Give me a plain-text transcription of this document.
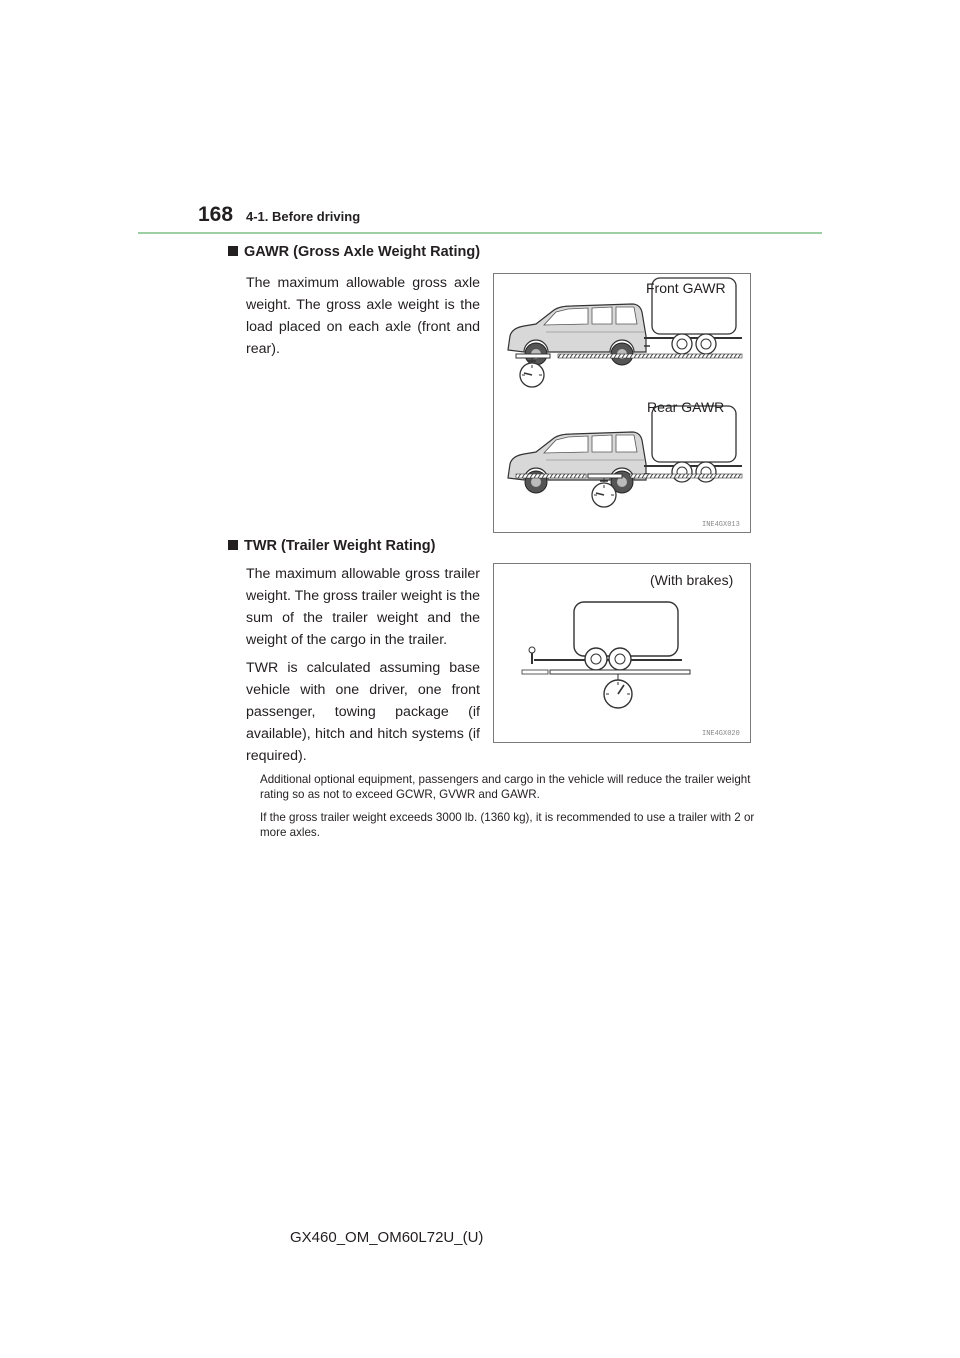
168 4-1. Before driving
GAWR (Gross Axle Weight Rating)
The maximum allowable gross axle weight. The gross axle weight is the load placed on each axle (front and rear).
Front GAWR
Rear GAWR
INE4GX013
TWR (Trailer Weight Rating)
The maximum allowable gross trailer weight. The gross trailer weight is the sum of the trailer weight and the weight of the cargo in the trailer.
TWR is calculated assuming base vehicle with one driver, one front passenger, towing package (if available), hitch and hitch systems (if required).
(With brakes)
INE4GX020
Additional optional equipment, passengers and cargo in the vehicle will reduce the trailer weight rating so as not to exceed GCWR, GVWR and GAWR.
If the gross trailer weight exceeds 3000 lb. (1360 kg), it is recommended to use a trailer with 2 or more axles.
GX460_OM_OM60L72U_(U)
